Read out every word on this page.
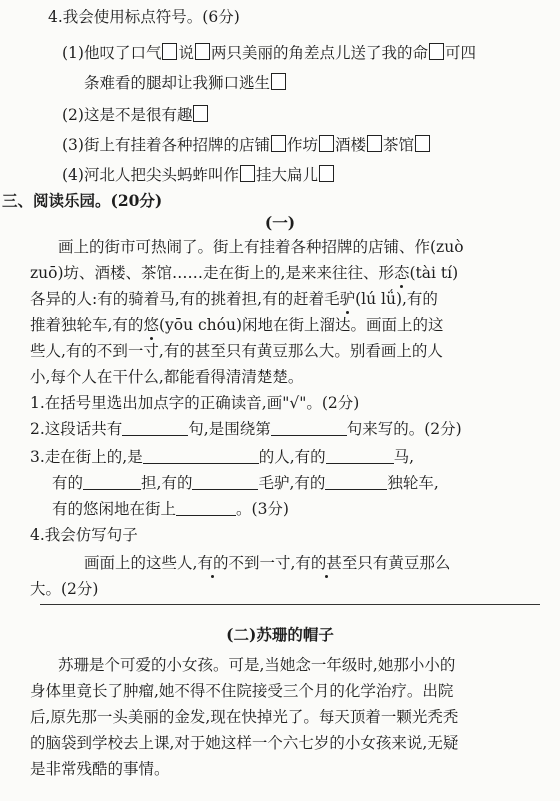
4.我会使用标点符号。(6分)
(1)他叹了口气 说 两只美丽的角差点儿送了我的命 可四
条难看的腿却让我狮口逃生
(2)这是不是很有趣
(3)街上有挂着各种招牌的店铺 作坊 酒楼 茶馆
(4)河北人把尖头蚂蚱叫作 挂大扁儿
三、阅读乐园。(20分)
(一)
画上的街市可热闹了。街上有挂着各种招牌的店铺、作(zuò
zuō)坊、酒楼、茶馆……走在街上的,是来来往往、形态(tài tí)
各异的人:有的骑着马,有的挑着担,有的赶着毛驴(lú lǘ),有的
推着独轮车,有的悠(yōu chóu)闲地在街上溜达。画面上的这
些人,有的不到一寸,有的甚至只有黄豆那么大。别看画上的人
小,每个人在干什么,都能看得清清楚楚。
1.在括号里选出加点字的正确读音,画"√"。(2分)
2.这段话共有	句,是围绕第	句来写的。(2分)
3.走在街上的,是	的人,有的	马,
有的	担,有的	毛驴,有的	独轮车,
有的悠闲地在街上	。(3分)
4.我会仿写句子
画面上的这些人,有的不到一寸,有的甚至只有黄豆那么
大。(2分)
(二)苏珊的帽子
苏珊是个可爱的小女孩。可是,当她念一年级时,她那小小的
身体里竟长了肿瘤,她不得不住院接受三个月的化学治疗。出院
后,原先那一头美丽的金发,现在快掉光了。每天顶着一颗光秃秃
的脑袋到学校去上课,对于她这样一个六七岁的小女孩来说,无疑
是非常残酷的事情。
